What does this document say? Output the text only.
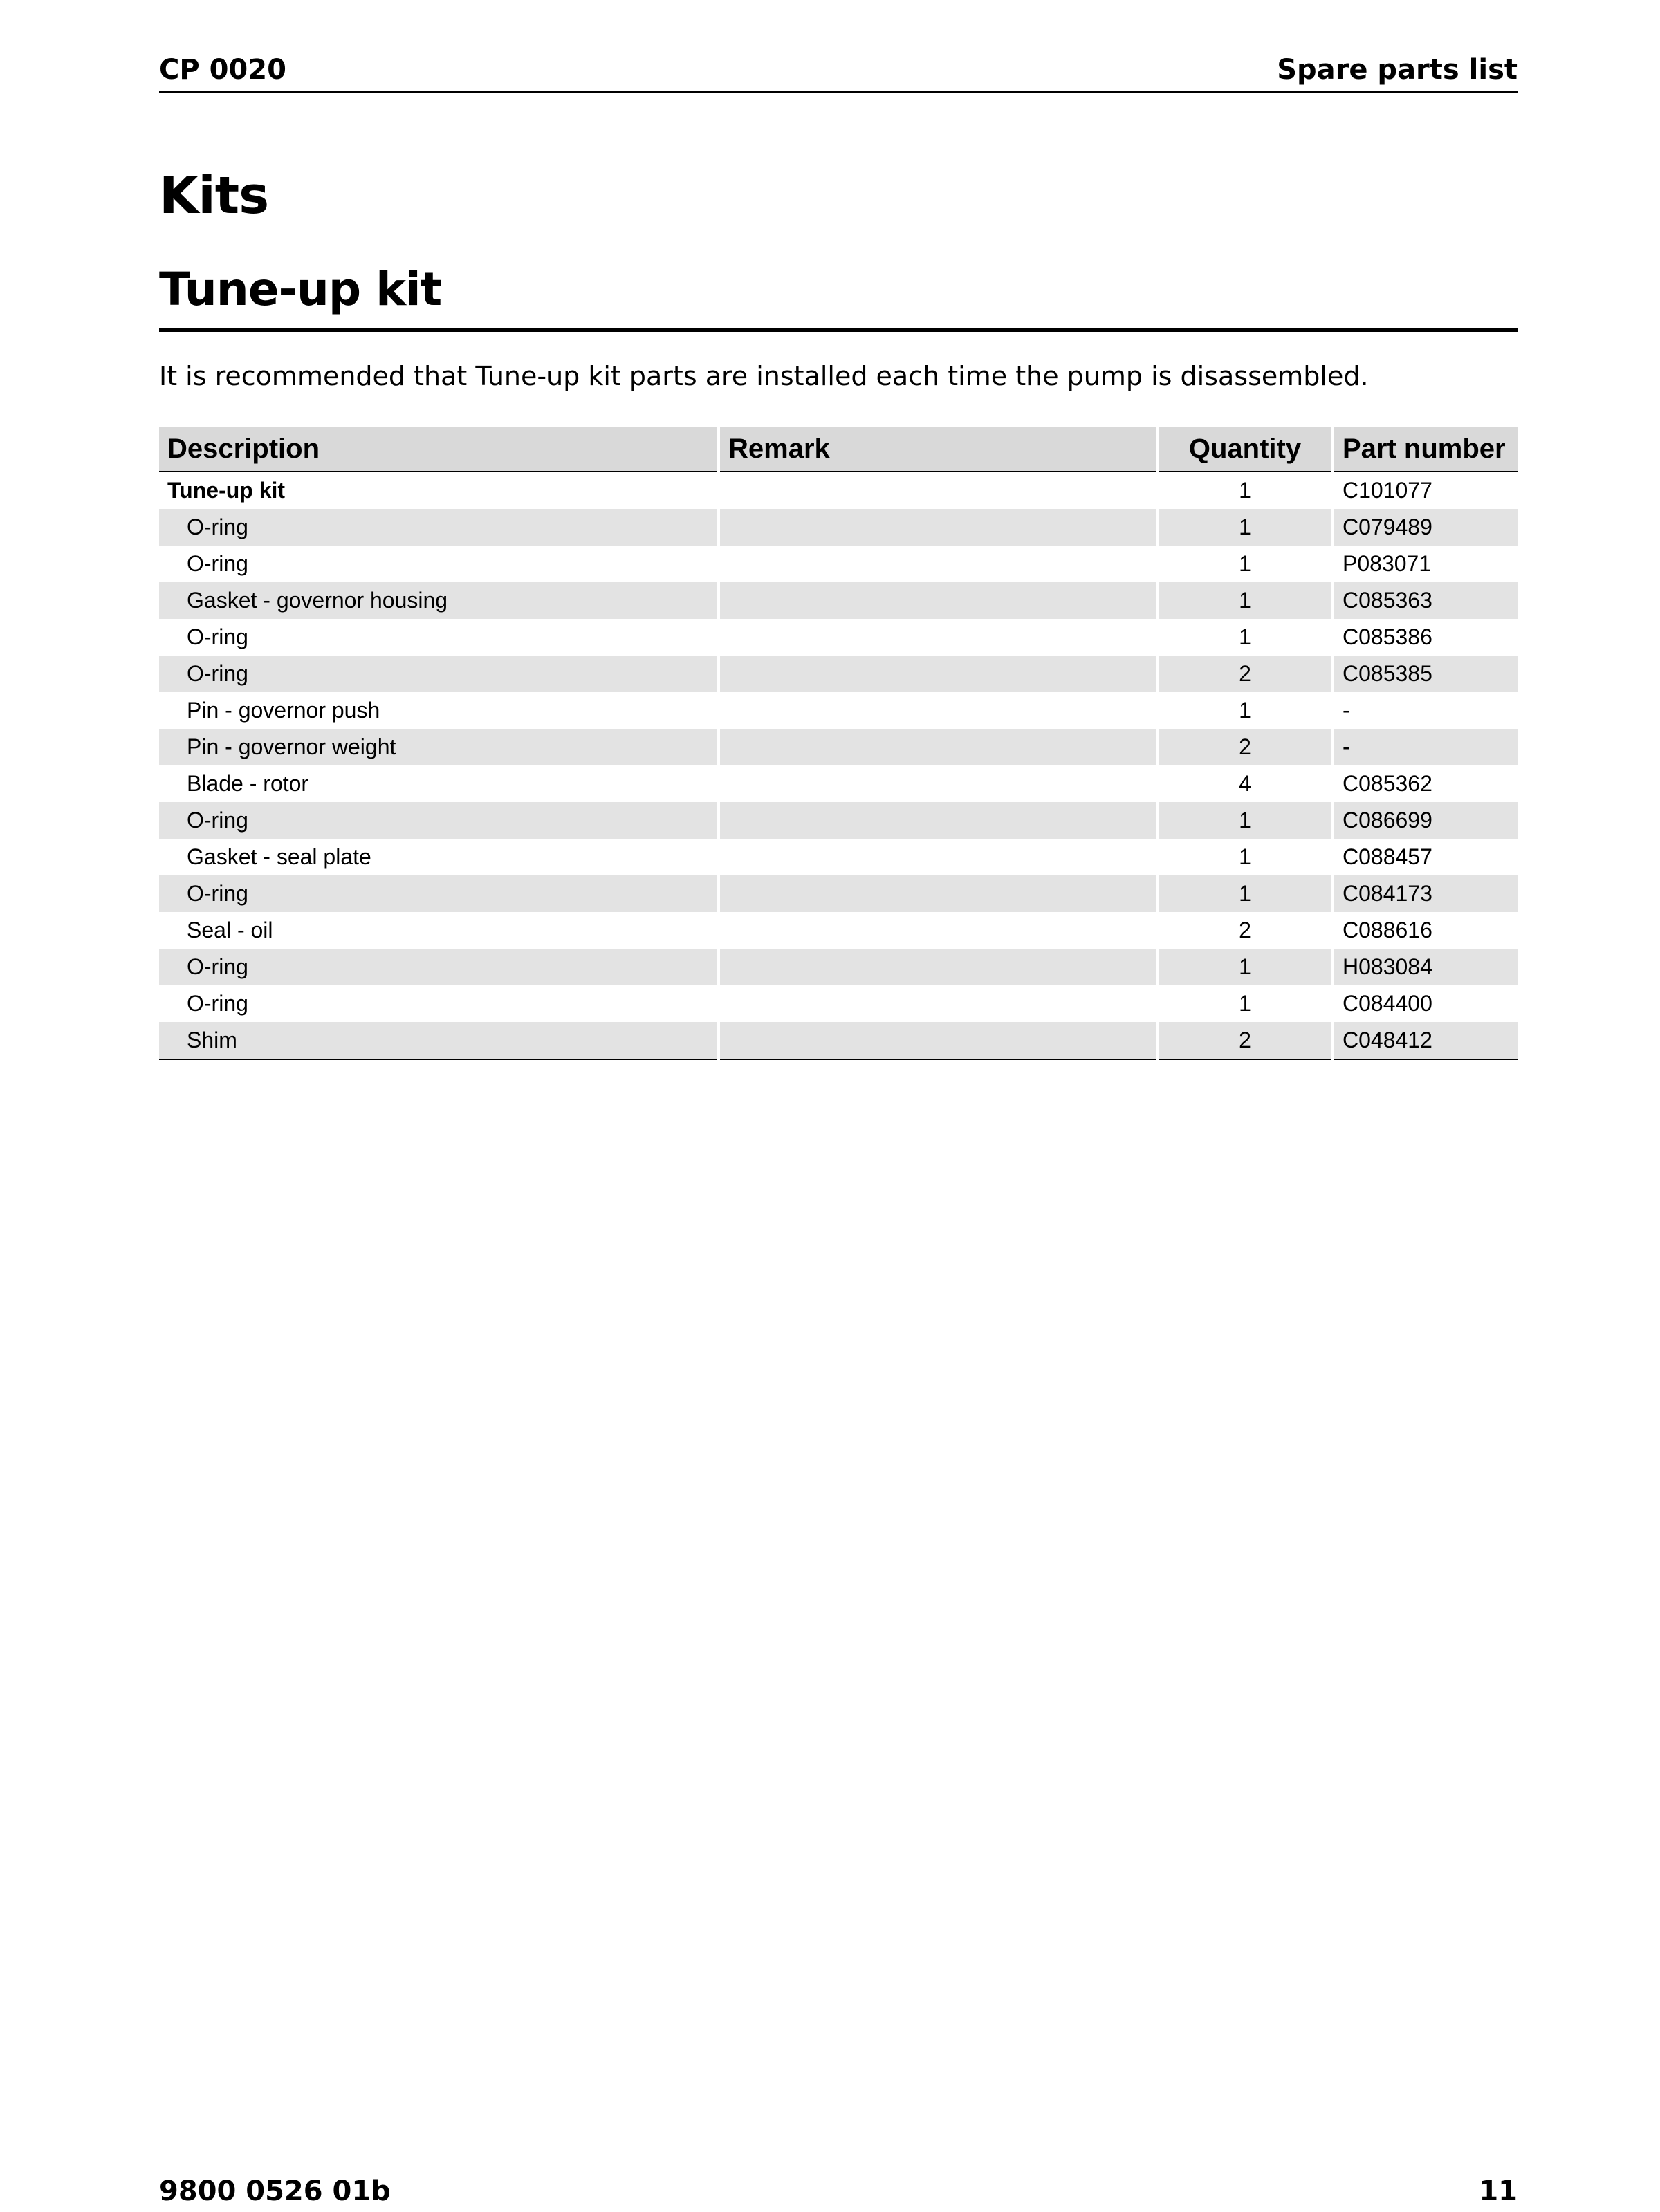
CP 0020	Spare parts list
Kits
Tune-up kit
It is recommended that Tune-up kit parts are installed each time the pump is disassembled.
Description	Remark	Quantity	Part number
Tune-up kit		1	C101077
O-ring		1	C079489
O-ring		1	P083071
Gasket - governor housing		1	C085363
O-ring		1	C085386
O-ring		2	C085385
Pin - governor push		1	-
Pin - governor weight		2	-
Blade - rotor		4	C085362
O-ring		1	C086699
Gasket - seal plate		1	C088457
O-ring		1	C084173
Seal - oil		2	C088616
O-ring		1	H083084
O-ring		1	C084400
Shim		2	C048412
9800 0526 01b	11
